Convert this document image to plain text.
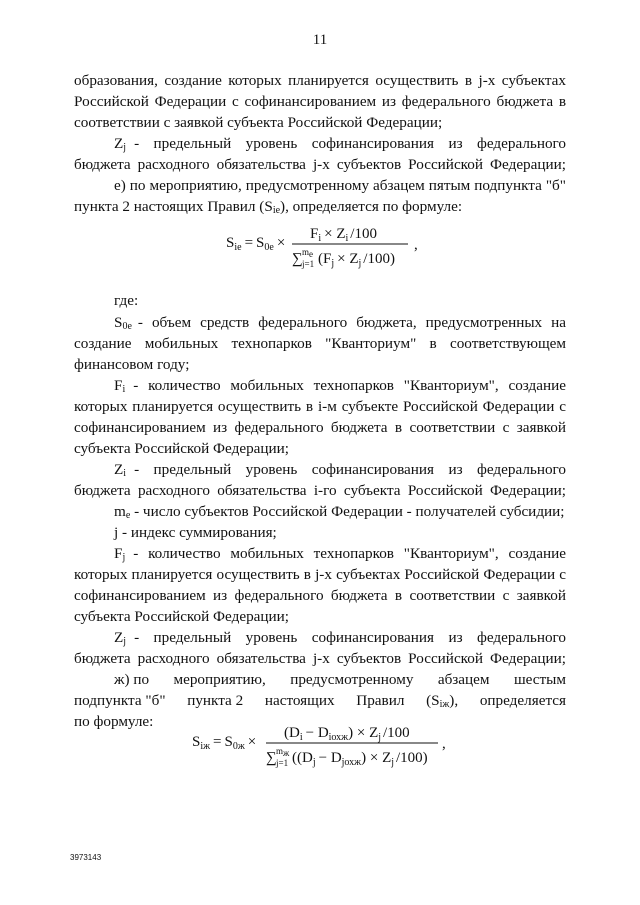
11
образования, создание которых планируется осуществить в j-х субъектах
Российской Федерации с софинансированием из федерального бюджета в
соответствии с заявкой субъекта Российской Федерации;
$Z_j$ - предельный уровень софинансирования из федерального
бюджета расходного обязательства j-х субъектов Российской Федерации;
е) по мероприятию, предусмотренному абзацем пятым подпункта "б"
пункта 2 настоящих Правил $(S_{ie})$, определяется по формуле:
$S_{ie} = S_{0e}$ ×
$F_i \times Z_i$ /100
∑ me
j=1 ($F_j \times Z_j$ /100)
,
где:
$S_{0e}$ - объем средств федерального бюджета, предусмотренных на
создание мобильных технопарков "Кванториум" в соответствующем
финансовом году;
$F_i$ - количество мобильных технопарков "Кванториум", создание
которых планируется осуществить в i-м субъекте Российской Федерации с
софинансированием из федерального бюджета в соответствии с заявкой
субъекта Российской Федерации;
$Z_i$ - предельный уровень софинансирования из федерального
бюджета расходного обязательства i-го субъекта Российской Федерации;
$m_e$ - число субъектов Российской Федерации - получателей субсидии;
j - индекс суммирования;
$F_j$ - количество мобильных технопарков "Кванториум", создание
которых планируется осуществить в j-х субъектах Российской Федерации с
софинансированием из федерального бюджета в соответствии с заявкой
субъекта Российской Федерации;
$Z_j$ - предельный уровень софинансирования из федерального
бюджета расходного обязательства j-х субъектов Российской Федерации;
ж) по мероприятию, предусмотренному абзацем шестым
подпункта "б" пункта 2 настоящих Правил $(S_{iж})$, определяется
по формуле:
$S_{iж} = S_{0ж}$ ×
$(D_i - D_{iохж}) \times Z_j$ /100
∑ mж
j=1 ($(D_j - D_{jохж}) \times Z_j$ /100)
,
3973143
